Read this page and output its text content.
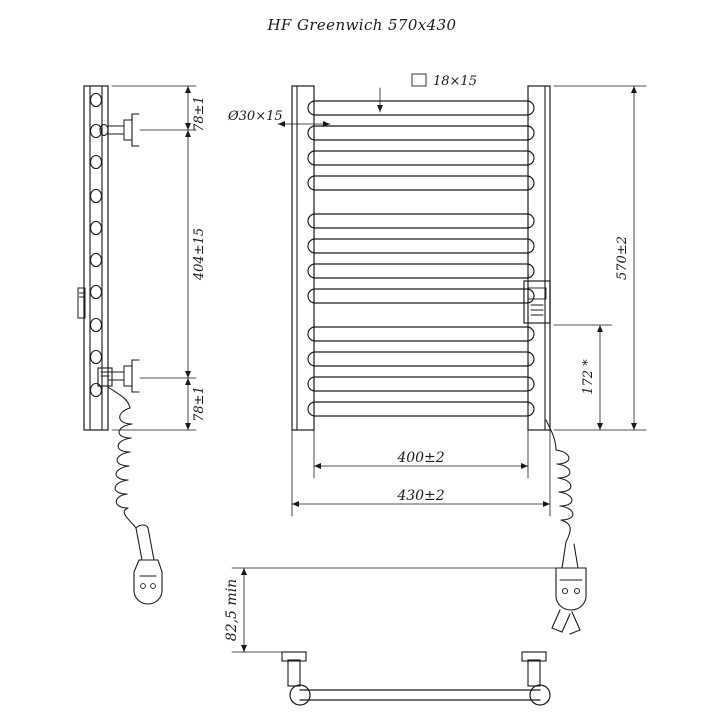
HF Greenwich 570x430
78±1
404±15
78±1
18×15
Ø30×15
570±2
172 *
400±2
430±2
82,5 min
